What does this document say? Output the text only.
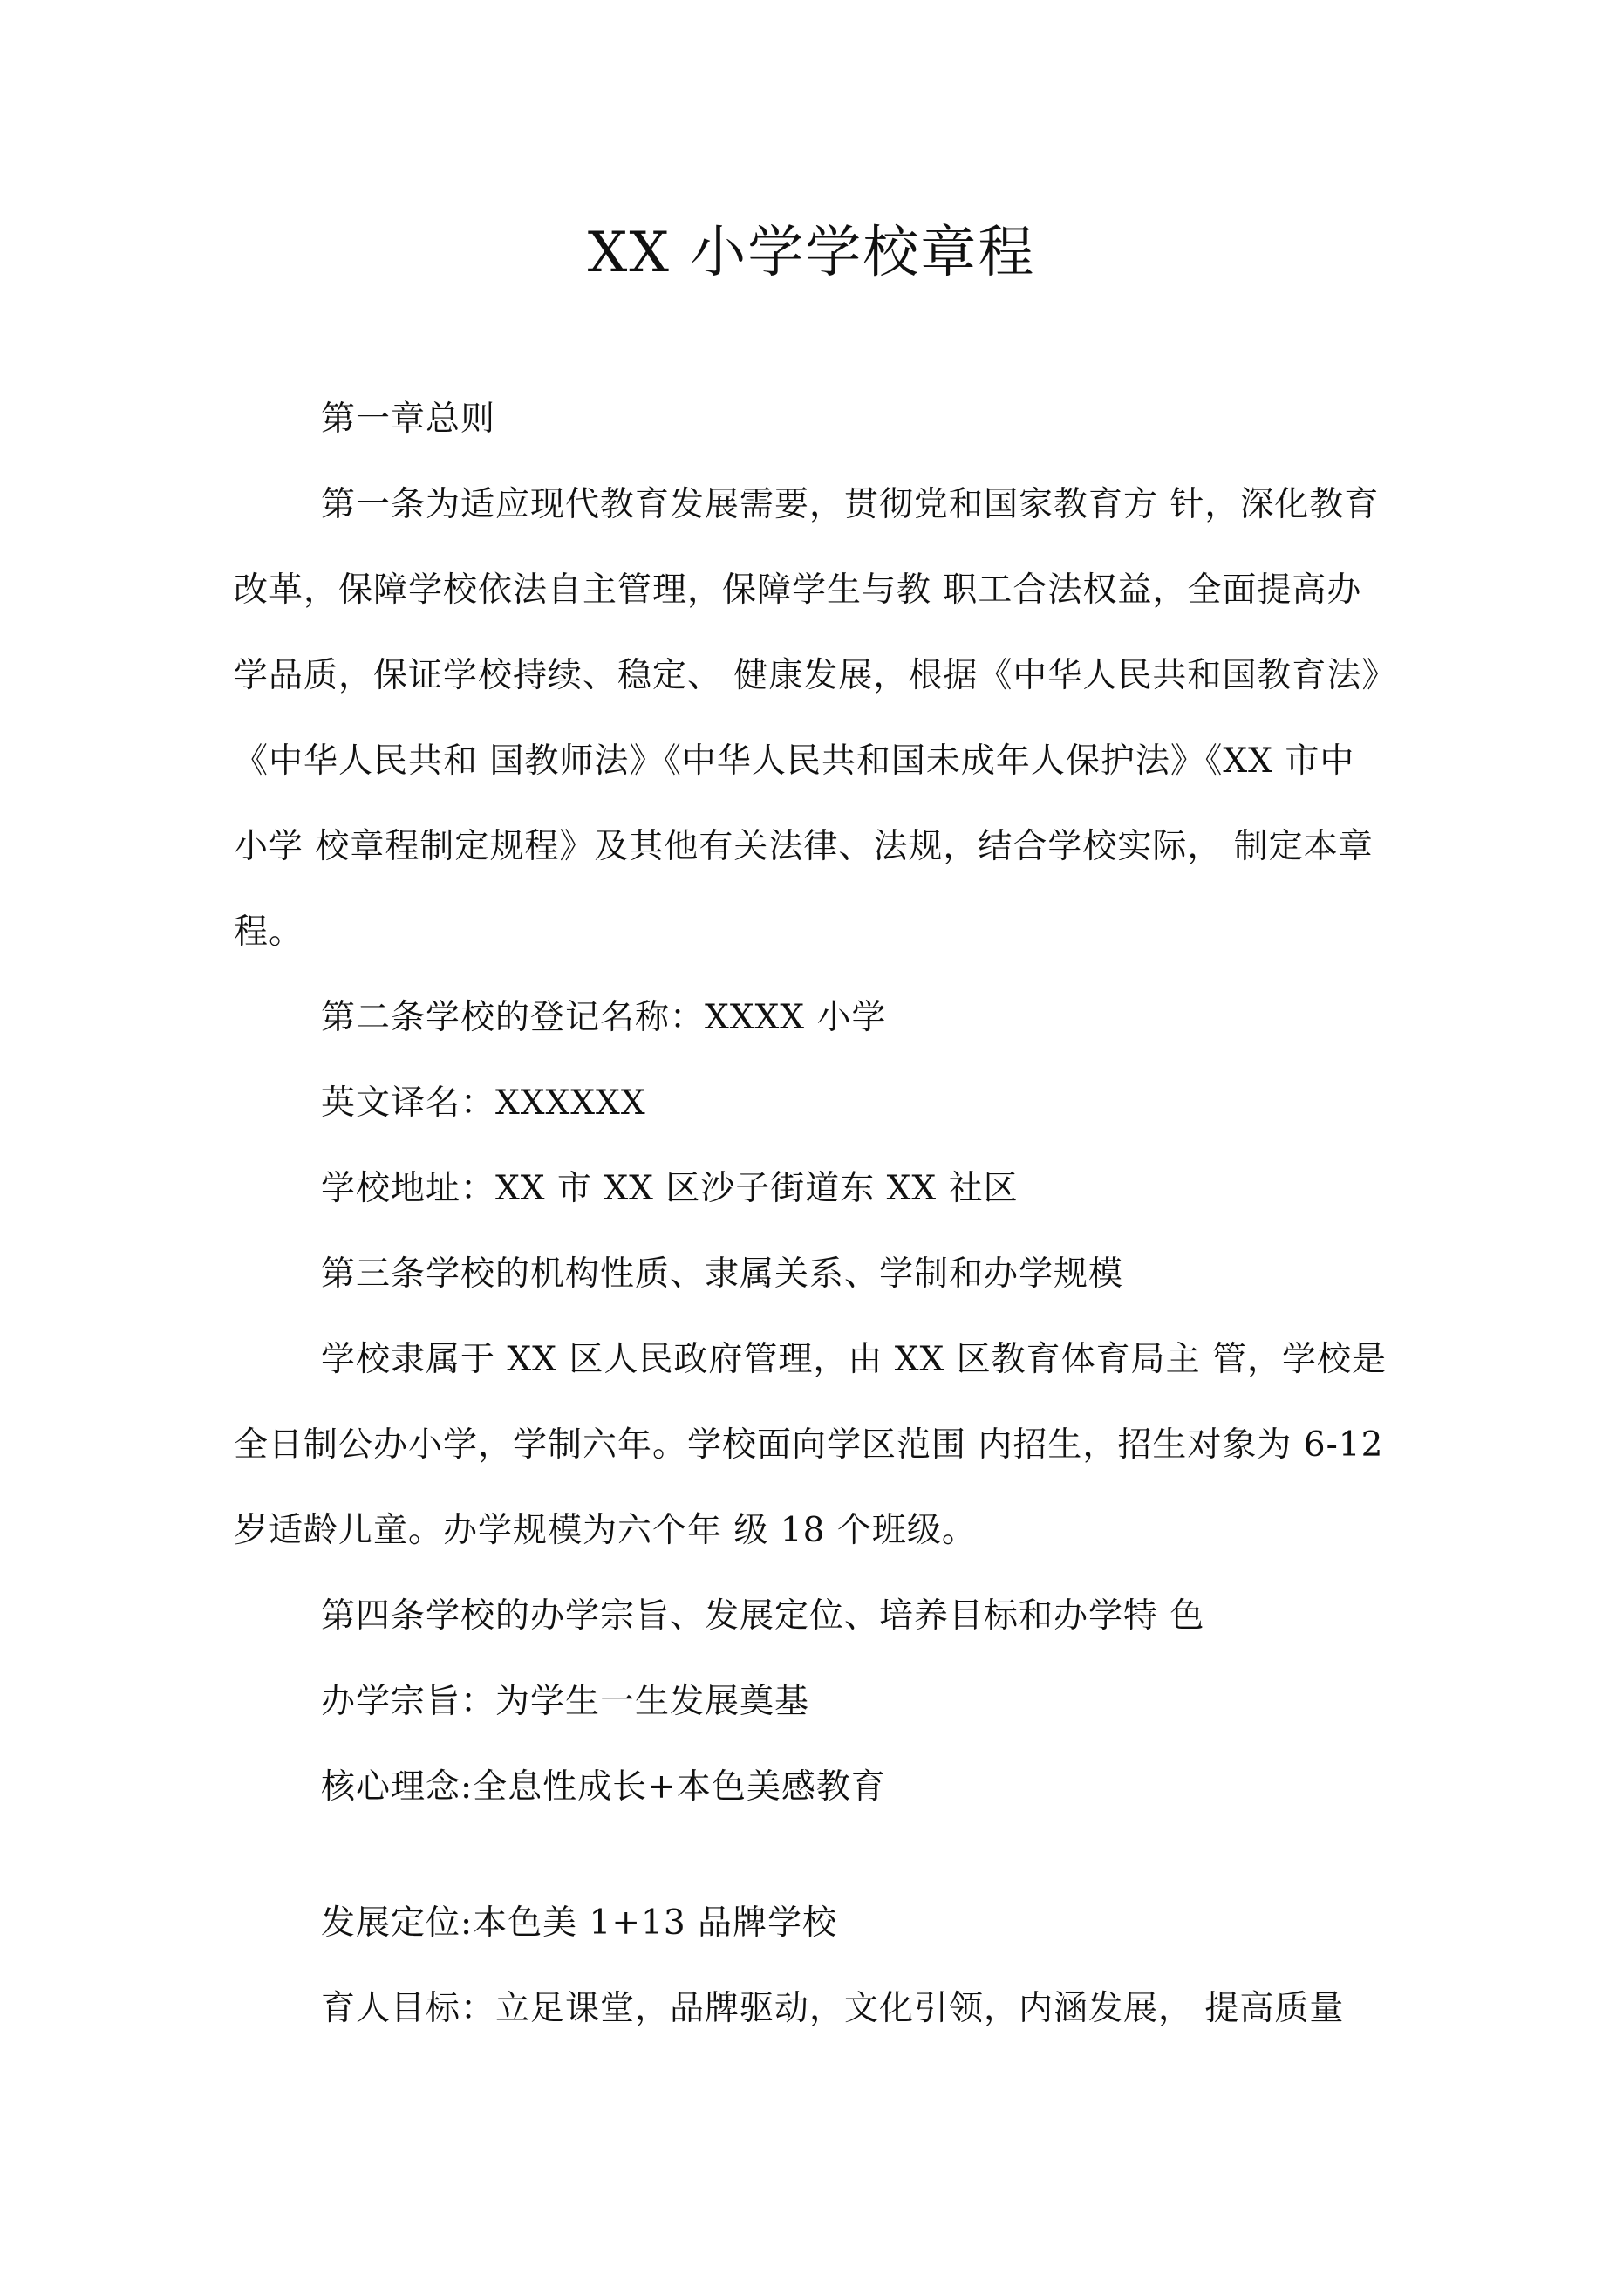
XX 小学学校章程
第一章总则
第一条为适应现代教育发展需要，贯彻党和国家教育方 针，深化教育
改革，保障学校依法自主管理，保障学生与教 职工合法权益，全面提高办
学品质，保证学校持续、稳定、 健康发展，根据《中华人民共和国教育法》
《中华人民共和 国教师法》《中华人民共和国未成年人保护法》《XX 市中
小学 校章程制定规程》及其他有关法律、法规，结合学校实际， 制定本章
程。
第二条学校的登记名称：XXXX 小学
英文译名：XXXXXX
学校地址：XX 市 XX 区沙子街道东 XX 社区
第三条学校的机构性质、隶属关系、学制和办学规模
学校隶属于 XX 区人民政府管理，由 XX 区教育体育局主 管，学校是
全日制公办小学，学制六年。学校面向学区范围 内招生，招生对象为 6-12
岁适龄儿童。办学规模为六个年 级 18 个班级。
第四条学校的办学宗旨、发展定位、培养目标和办学特 色
办学宗旨：为学生一生发展奠基
核心理念:全息性成长+本色美感教育
发展定位:本色美 1+13 品牌学校
育人目标：立足课堂，品牌驱动，文化引领，内涵发展， 提高质量
